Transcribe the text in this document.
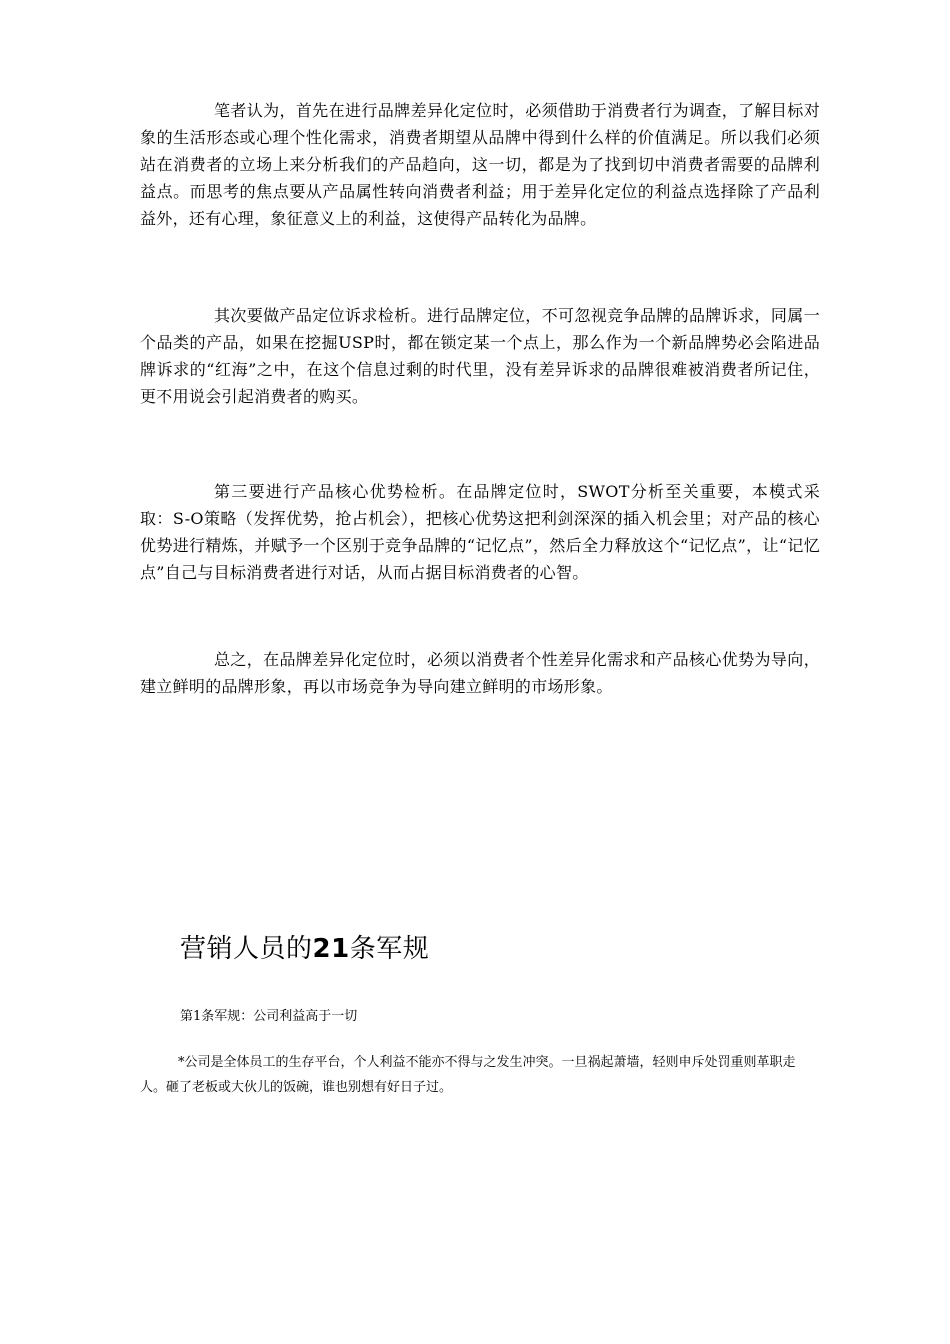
笔者认为，首先在进行品牌差异化定位时，必须借助于消费者行为调查，了解目标对象的生活形态或心理个性化需求，消费者期望从品牌中得到什么样的价值满足。所以我们必须站在消费者的立场上来分析我们的产品趋向，这一切，都是为了找到切中消费者需要的品牌利益点。而思考的焦点要从产品属性转向消费者利益；用于差异化定位的利益点选择除了产品利益外，还有心理，象征意义上的利益，这使得产品转化为品牌。

其次要做产品定位诉求检析。进行品牌定位，不可忽视竞争品牌的品牌诉求，同属一个品类的产品，如果在挖掘USP时，都在锁定某一个点上，那么作为一个新品牌势必会陷进品牌诉求的“红海”之中，在这个信息过剩的时代里，没有差异诉求的品牌很难被消费者所记住，更不用说会引起消费者的购买。

第三要进行产品核心优势检析。在品牌定位时，SWOT分析至关重要，本模式采取：S-O策略（发挥优势，抢占机会），把核心优势这把利剑深深的插入机会里；对产品的核心优势进行精炼，并赋予一个区别于竞争品牌的“记忆点”，然后全力释放这个“记忆点”，让“记忆点”自己与目标消费者进行对话，从而占据目标消费者的心智。

总之，在品牌差异化定位时，必须以消费者个性差异化需求和产品核心优势为导向，建立鲜明的品牌形象，再以市场竞争为导向建立鲜明的市场形象。

营销人员的21条军规

第1条军规：公司利益高于一切

*公司是全体员工的生存平台，个人利益不能亦不得与之发生冲突。一旦祸起萧墙，轻则申斥处罚重则革职走人。砸了老板或大伙儿的饭碗，谁也别想有好日子过。
